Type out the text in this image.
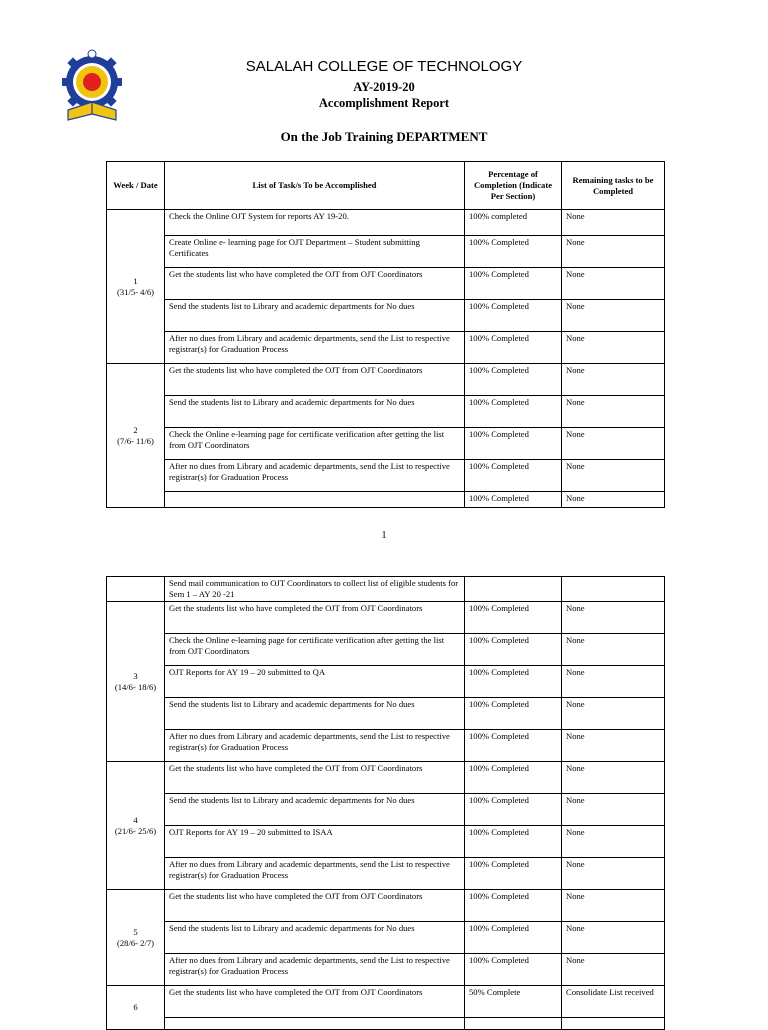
SALALAH COLLEGE OF TECHNOLOGY
AY-2019-20
Accomplishment Report
On the Job Training DEPARTMENT
Week / Date	List of Task/s To be Accomplished	Percentage of Completion (Indicate Per Section)	Remaining tasks to be Completed

1
(31/5- 4/6)	Check the Online OJT System for reports AY 19-20.	100% completed	None
	Create Online e- learning page for OJT Department – Student submitting Certificates	100% Completed	None
	Get the students list who have completed the OJT from OJT Coordinators	100% Completed	None
	Send the students list to Library and academic departments for No dues	100% Completed	None
	After no dues from Library and academic departments, send the List to respective registrar(s) for Graduation Process	100% Completed	None

2
(7/6- 11/6)	Get the students list who have completed the OJT from OJT Coordinators	100% Completed	None
	Send the students list to Library and academic departments for No dues	100% Completed	None
	Check the Online e-learning page for certificate verification after getting the list from OJT Coordinators	100% Completed	None
	After no dues from Library and academic departments, send the List to respective registrar(s) for Graduation Process	100% Completed	None
		100% Completed	None
1
	Send mail communication to OJT Coordinators to collect list of eligible students for Sem 1 – AY 20 -21		

3
(14/6- 18/6)	Get the students list who have completed the OJT from OJT Coordinators	100% Completed	None
	Check the Online e-learning page for certificate verification after getting the list from OJT Coordinators	100% Completed	None
	OJT Reports for AY 19 – 20 submitted to QA	100% Completed	None
	Send the students list to Library and academic departments for No dues	100% Completed	None
	After no dues from Library and academic departments, send the List to respective registrar(s) for Graduation Process	100% Completed	None

4
(21/6- 25/6)	Get the students list who have completed the OJT from OJT Coordinators	100% Completed	None
	Send the students list to Library and academic departments for No dues	100% Completed	None
	OJT Reports for AY 19 – 20 submitted to ISAA	100% Completed	None
	After no dues from Library and academic departments, send the List to respective registrar(s) for Graduation Process	100% Completed	None

5
(28/6- 2/7)	Get the students list who have completed the OJT from OJT Coordinators	100% Completed	None
	Send the students list to Library and academic departments for No dues	100% Completed	None
	After no dues from Library and academic departments, send the List to respective registrar(s) for Graduation Process	100% Completed	None

6	Get the students list who have completed the OJT from OJT Coordinators	50% Complete	Consolidate List received
